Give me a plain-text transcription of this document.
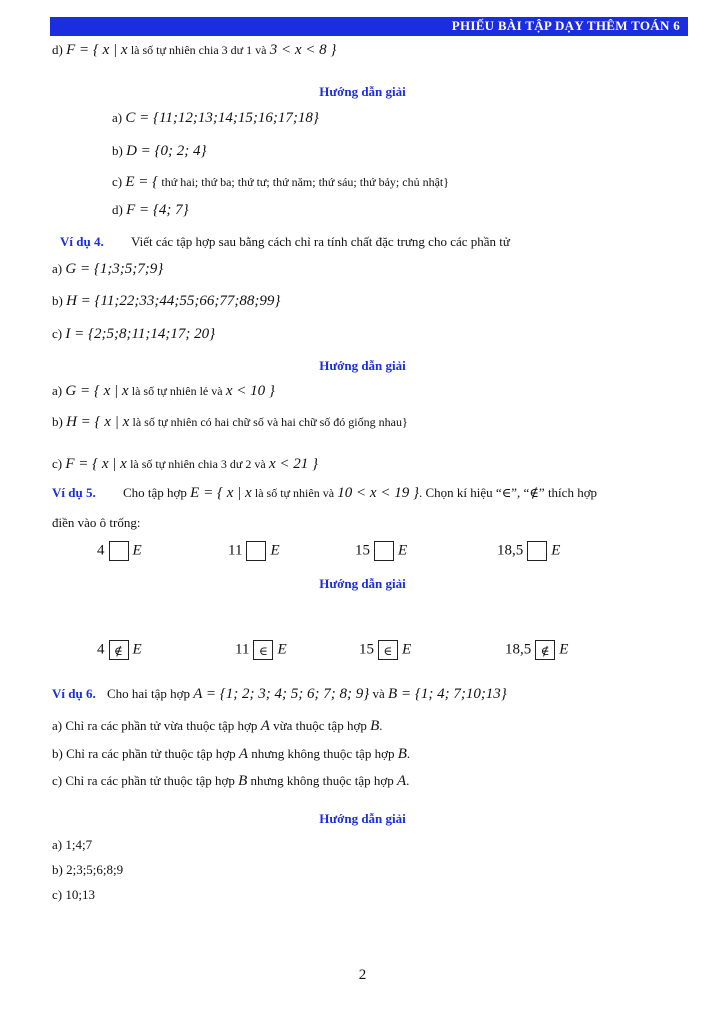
PHIẾU BÀI TẬP DẠY THÊM TOÁN 6
d) F = { x | x là số tự nhiên chia 3 dư 1 và 3 < x < 8 }
Hướng dẫn giải
a) C = {11;12;13;14;15;16;17;18}
b) D = {0; 2; 4}
c) E = { thứ hai; thứ ba; thứ tư; thứ năm; thứ sáu; thứ bảy; chủ nhật}
d) F = {4; 7}
Ví dụ 4. Viết các tập hợp sau bằng cách chỉ ra tính chất đặc trưng cho các phần tử
a) G = {1;3;5;7;9}
b) H = {11;22;33;44;55;66;77;88;99}
c) I = {2;5;8;11;14;17; 20}
Hướng dẫn giải
a) G = { x | x là số tự nhiên lẻ và x < 10 }
b) H = { x | x là số tự nhiên có hai chữ số và hai chữ số đó giống nhau}
c) F = { x | x là số tự nhiên chia 3 dư 2 và x < 21 }
Ví dụ 5. Cho tập hợp E = { x | x là số tự nhiên và 10 < x < 19 }. Chọn kí hiệu “∈”, “∉” thích hợp
điền vào ô trống:
4 E	11 E	15 E	18,5 E
Hướng dẫn giải
4 ∉ E	11 ∈ E	15 ∈ E	18,5 ∉ E
Ví dụ 6. Cho hai tập hợp A = {1; 2; 3; 4; 5; 6; 7; 8; 9} và B = {1; 4; 7;10;13}
a) Chỉ ra các phần tử vừa thuộc tập hợp A vừa thuộc tập hợp B.
b) Chỉ ra các phần tử thuộc tập hợp A nhưng không thuộc tập hợp B.
c) Chỉ ra các phần tử thuộc tập hợp B nhưng không thuộc tập hợp A.
Hướng dẫn giải
a) 1;4;7
b) 2;3;5;6;8;9
c) 10;13
2
